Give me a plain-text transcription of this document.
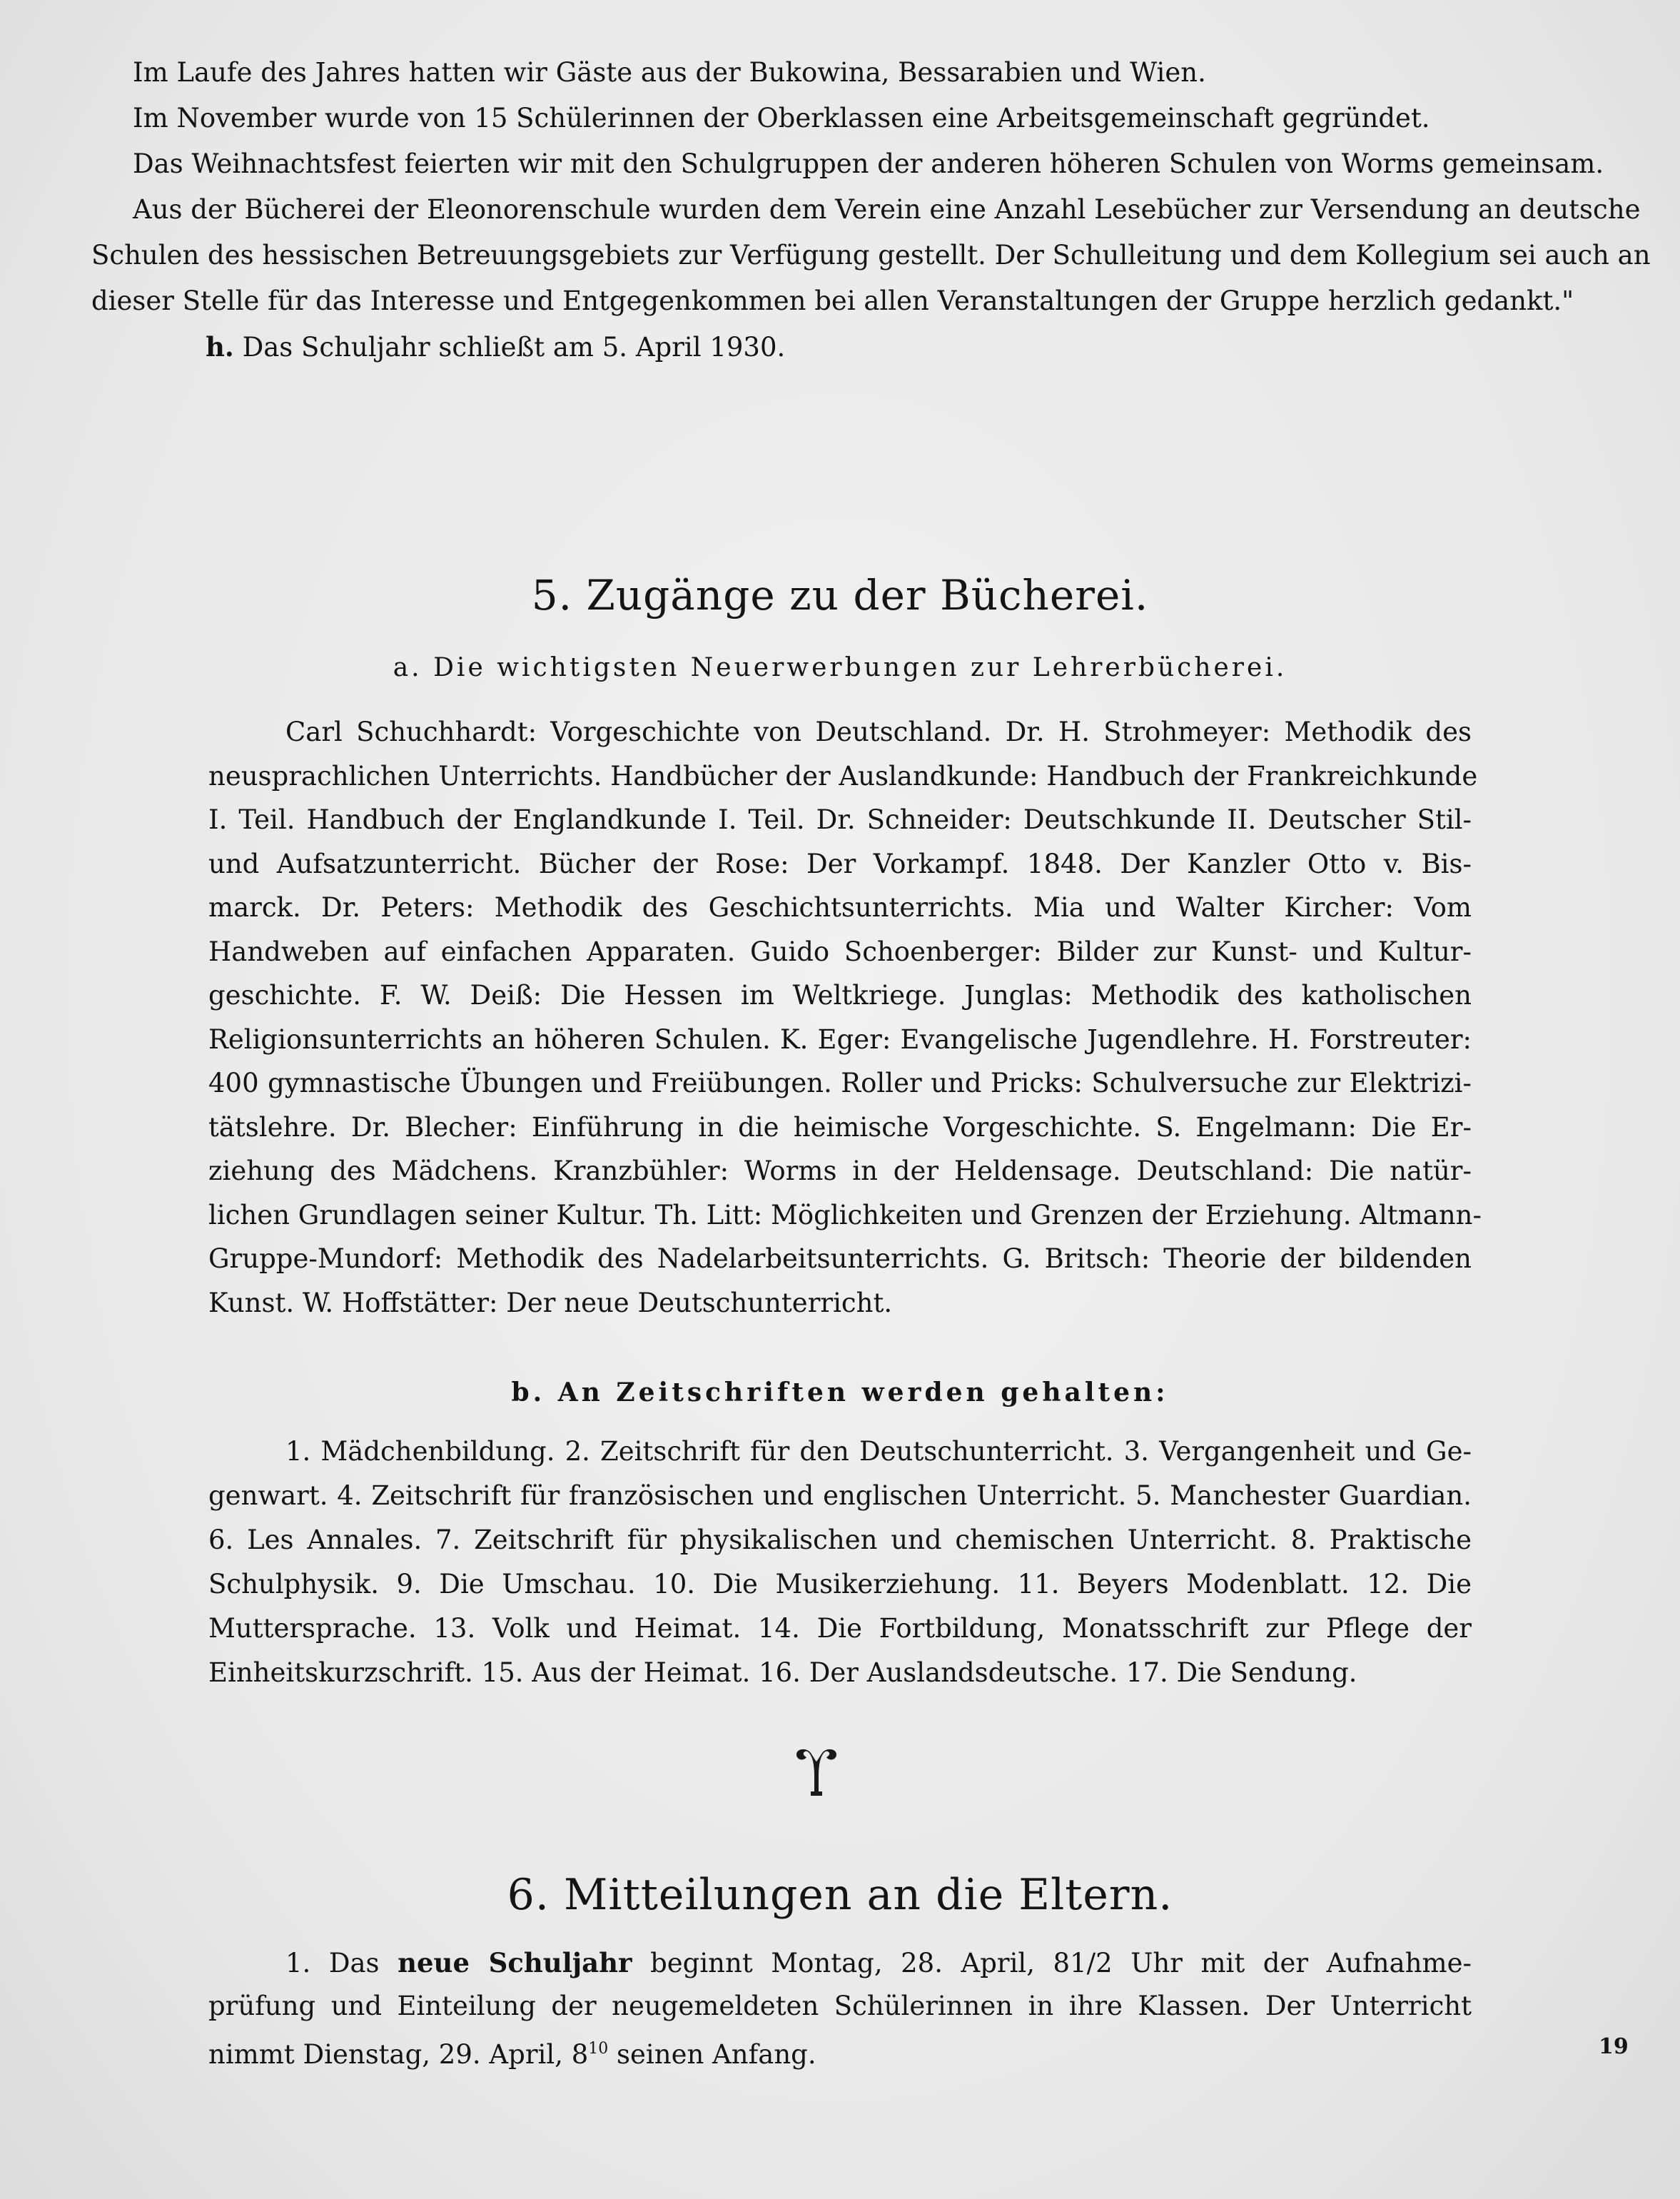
Im Laufe des Jahres hatten wir Gäste aus der Bukowina, Bessarabien und Wien.
Im November wurde von 15 Schülerinnen der Oberklassen eine Arbeitsgemeinschaft gegründet.
Das Weihnachtsfest feierten wir mit den Schulgruppen der anderen höheren Schulen von Worms gemeinsam.
Aus der Bücherei der Eleonorenschule wurden dem Verein eine Anzahl Lesebücher zur Versendung an deutsche
Schulen des hessischen Betreuungsgebiets zur Verfügung gestellt. Der Schulleitung und dem Kollegium sei auch an
dieser Stelle für das Interesse und Entgegenkommen bei allen Veranstaltungen der Gruppe herzlich gedankt."
h. Das Schuljahr schließt am 5. April 1930.
5. Zugänge zu der Bücherei.
a. Die wichtigsten Neuerwerbungen zur Lehrerbücherei.
Carl Schuchhardt: Vorgeschichte von Deutschland. Dr. H. Strohmeyer: Methodik des
neusprachlichen Unterrichts. Handbücher der Auslandkunde: Handbuch der Frankreichkunde
I. Teil. Handbuch der Englandkunde I. Teil. Dr. Schneider: Deutschkunde II. Deutscher Stil-
und Aufsatzunterricht. Bücher der Rose: Der Vorkampf. 1848. Der Kanzler Otto v. Bis-
marck. Dr. Peters: Methodik des Geschichtsunterrichts. Mia und Walter Kircher: Vom
Handweben auf einfachen Apparaten. Guido Schoenberger: Bilder zur Kunst- und Kultur-
geschichte. F. W. Deiß: Die Hessen im Weltkriege. Junglas: Methodik des katholischen
Religionsunterrichts an höheren Schulen. K. Eger: Evangelische Jugendlehre. H. Forstreuter:
400 gymnastische Übungen und Freiübungen. Roller und Pricks: Schulversuche zur Elektrizi-
tätslehre. Dr. Blecher: Einführung in die heimische Vorgeschichte. S. Engelmann: Die Er-
ziehung des Mädchens. Kranzbühler: Worms in der Heldensage. Deutschland: Die natür-
lichen Grundlagen seiner Kultur. Th. Litt: Möglichkeiten und Grenzen der Erziehung. Altmann-
Gruppe-Mundorf: Methodik des Nadelarbeitsunterrichts. G. Britsch: Theorie der bildenden
Kunst. W. Hoffstätter: Der neue Deutschunterricht.
b. An Zeitschriften werden gehalten:
1. Mädchenbildung. 2. Zeitschrift für den Deutschunterricht. 3. Vergangenheit und Ge-
genwart. 4. Zeitschrift für französischen und englischen Unterricht. 5. Manchester Guardian.
6. Les Annales. 7. Zeitschrift für physikalischen und chemischen Unterricht. 8. Praktische
Schulphysik. 9. Die Umschau. 10. Die Musikerziehung. 11. Beyers Modenblatt. 12. Die
Muttersprache. 13. Volk und Heimat. 14. Die Fortbildung, Monatsschrift zur Pflege der
Einheitskurzschrift. 15. Aus der Heimat. 16. Der Auslandsdeutsche. 17. Die Sendung.
6. Mitteilungen an die Eltern.
1. Das neue Schuljahr beginnt Montag, 28. April, 81/2 Uhr mit der Aufnahme-
prüfung und Einteilung der neugemeldeten Schülerinnen in ihre Klassen. Der Unterricht
nimmt Dienstag, 29. April, $8^{10}$ seinen Anfang.	19
